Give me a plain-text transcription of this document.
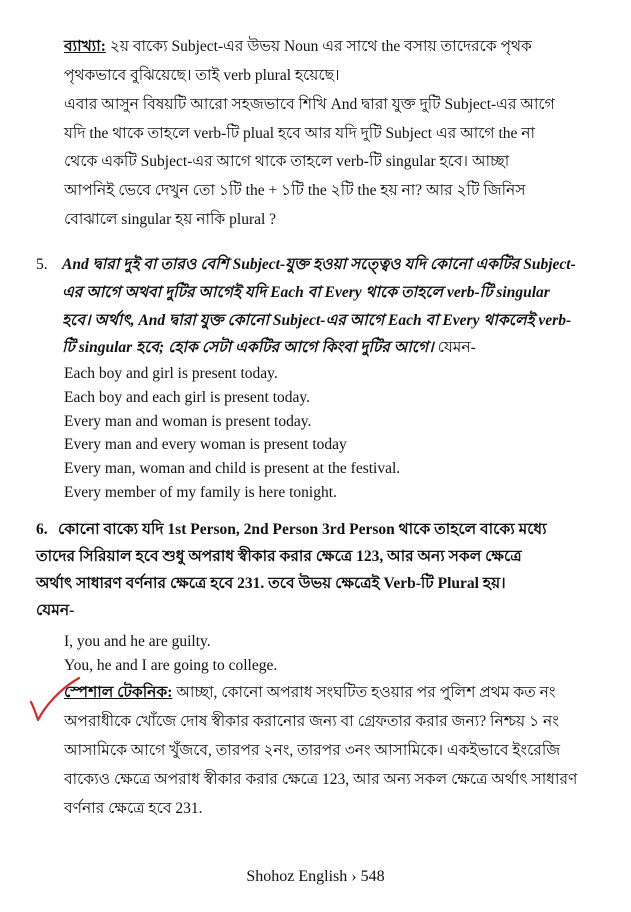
ব্যাখ্যা: ২য় বাক্যে Subject-এর উভয় Noun এর সাথে the বসায় তাদেরকে পৃথক
পৃথকভাবে বুঝিয়েছে। তাই verb plural হয়েছে।
এবার আসুন বিষয়টি আরো সহজভাবে শিখি And দ্বারা যুক্ত দুটি Subject-এর আগে
যদি the থাকে তাহলে verb-টি plual হবে আর যদি দুটি Subject এর আগে the না
থেকে একটি Subject-এর আগে থাকে তাহলে verb-টি singular হবে। আচ্ছা
আপনিই ভেবে দেখুন তো ১টি the + ১টি the ২টি the হয় না? আর ২টি জিনিস
বোঝালে singular হয় নাকি plural ?
5. And দ্বারা দুই বা তারও বেশি Subject-যুক্ত হওয়া সত্ত্বেও যদি কোনো একটির Subject-
এর আগে অথবা দুটির আগেই যদি Each বা Every থাকে তাহলে verb-টি singular
হবে। অর্থাৎ, And দ্বারা যুক্ত কোনো Subject-এর আগে Each বা Every থাকলেই verb-
টি singular হবে; হোক সেটা একটির আগে কিংবা দুটির আগে। যেমন-
Each boy and girl is present today.
Each boy and each girl is present today.
Every man and woman is present today.
Every man and every woman is present today
Every man, woman and child is present at the festival.
Every member of my family is here tonight.
6. কোনো বাক্যে যদি 1st Person, 2nd Person 3rd Person থাকে তাহলে বাক্যে মধ্যে
তাদের সিরিয়াল হবে শুধু অপরাধ স্বীকার করার ক্ষেত্রে 123, আর অন্য সকল ক্ষেত্রে
অর্থাৎ সাধারণ বর্ণনার ক্ষেত্রে হবে 231. তবে উভয় ক্ষেত্রেই Verb-টি Plural হয়।
যেমন-
I, you and he are guilty.
You, he and I are going to college.
স্পেশাল টেকনিক: আচ্ছা, কোনো অপরাধ সংঘটিত হওয়ার পর পুলিশ প্রথম কত নং
অপরাধীকে খোঁজে দোষ স্বীকার করানোর জন্য বা গ্রেফতার করার জন্য? নিশ্চয় ১ নং
আসামিকে আগে খুঁজবে, তারপর ২নং, তারপর ৩নং আসামিকে। একইভাবে ইংরেজি
বাক্যেও ক্ষেত্রে অপরাধ স্বীকার করার ক্ষেত্রে 123, আর অন্য সকল ক্ষেত্রে অর্থাৎ সাধারণ
বর্ণনার ক্ষেত্রে হবে 231.
Shohoz English › 548
